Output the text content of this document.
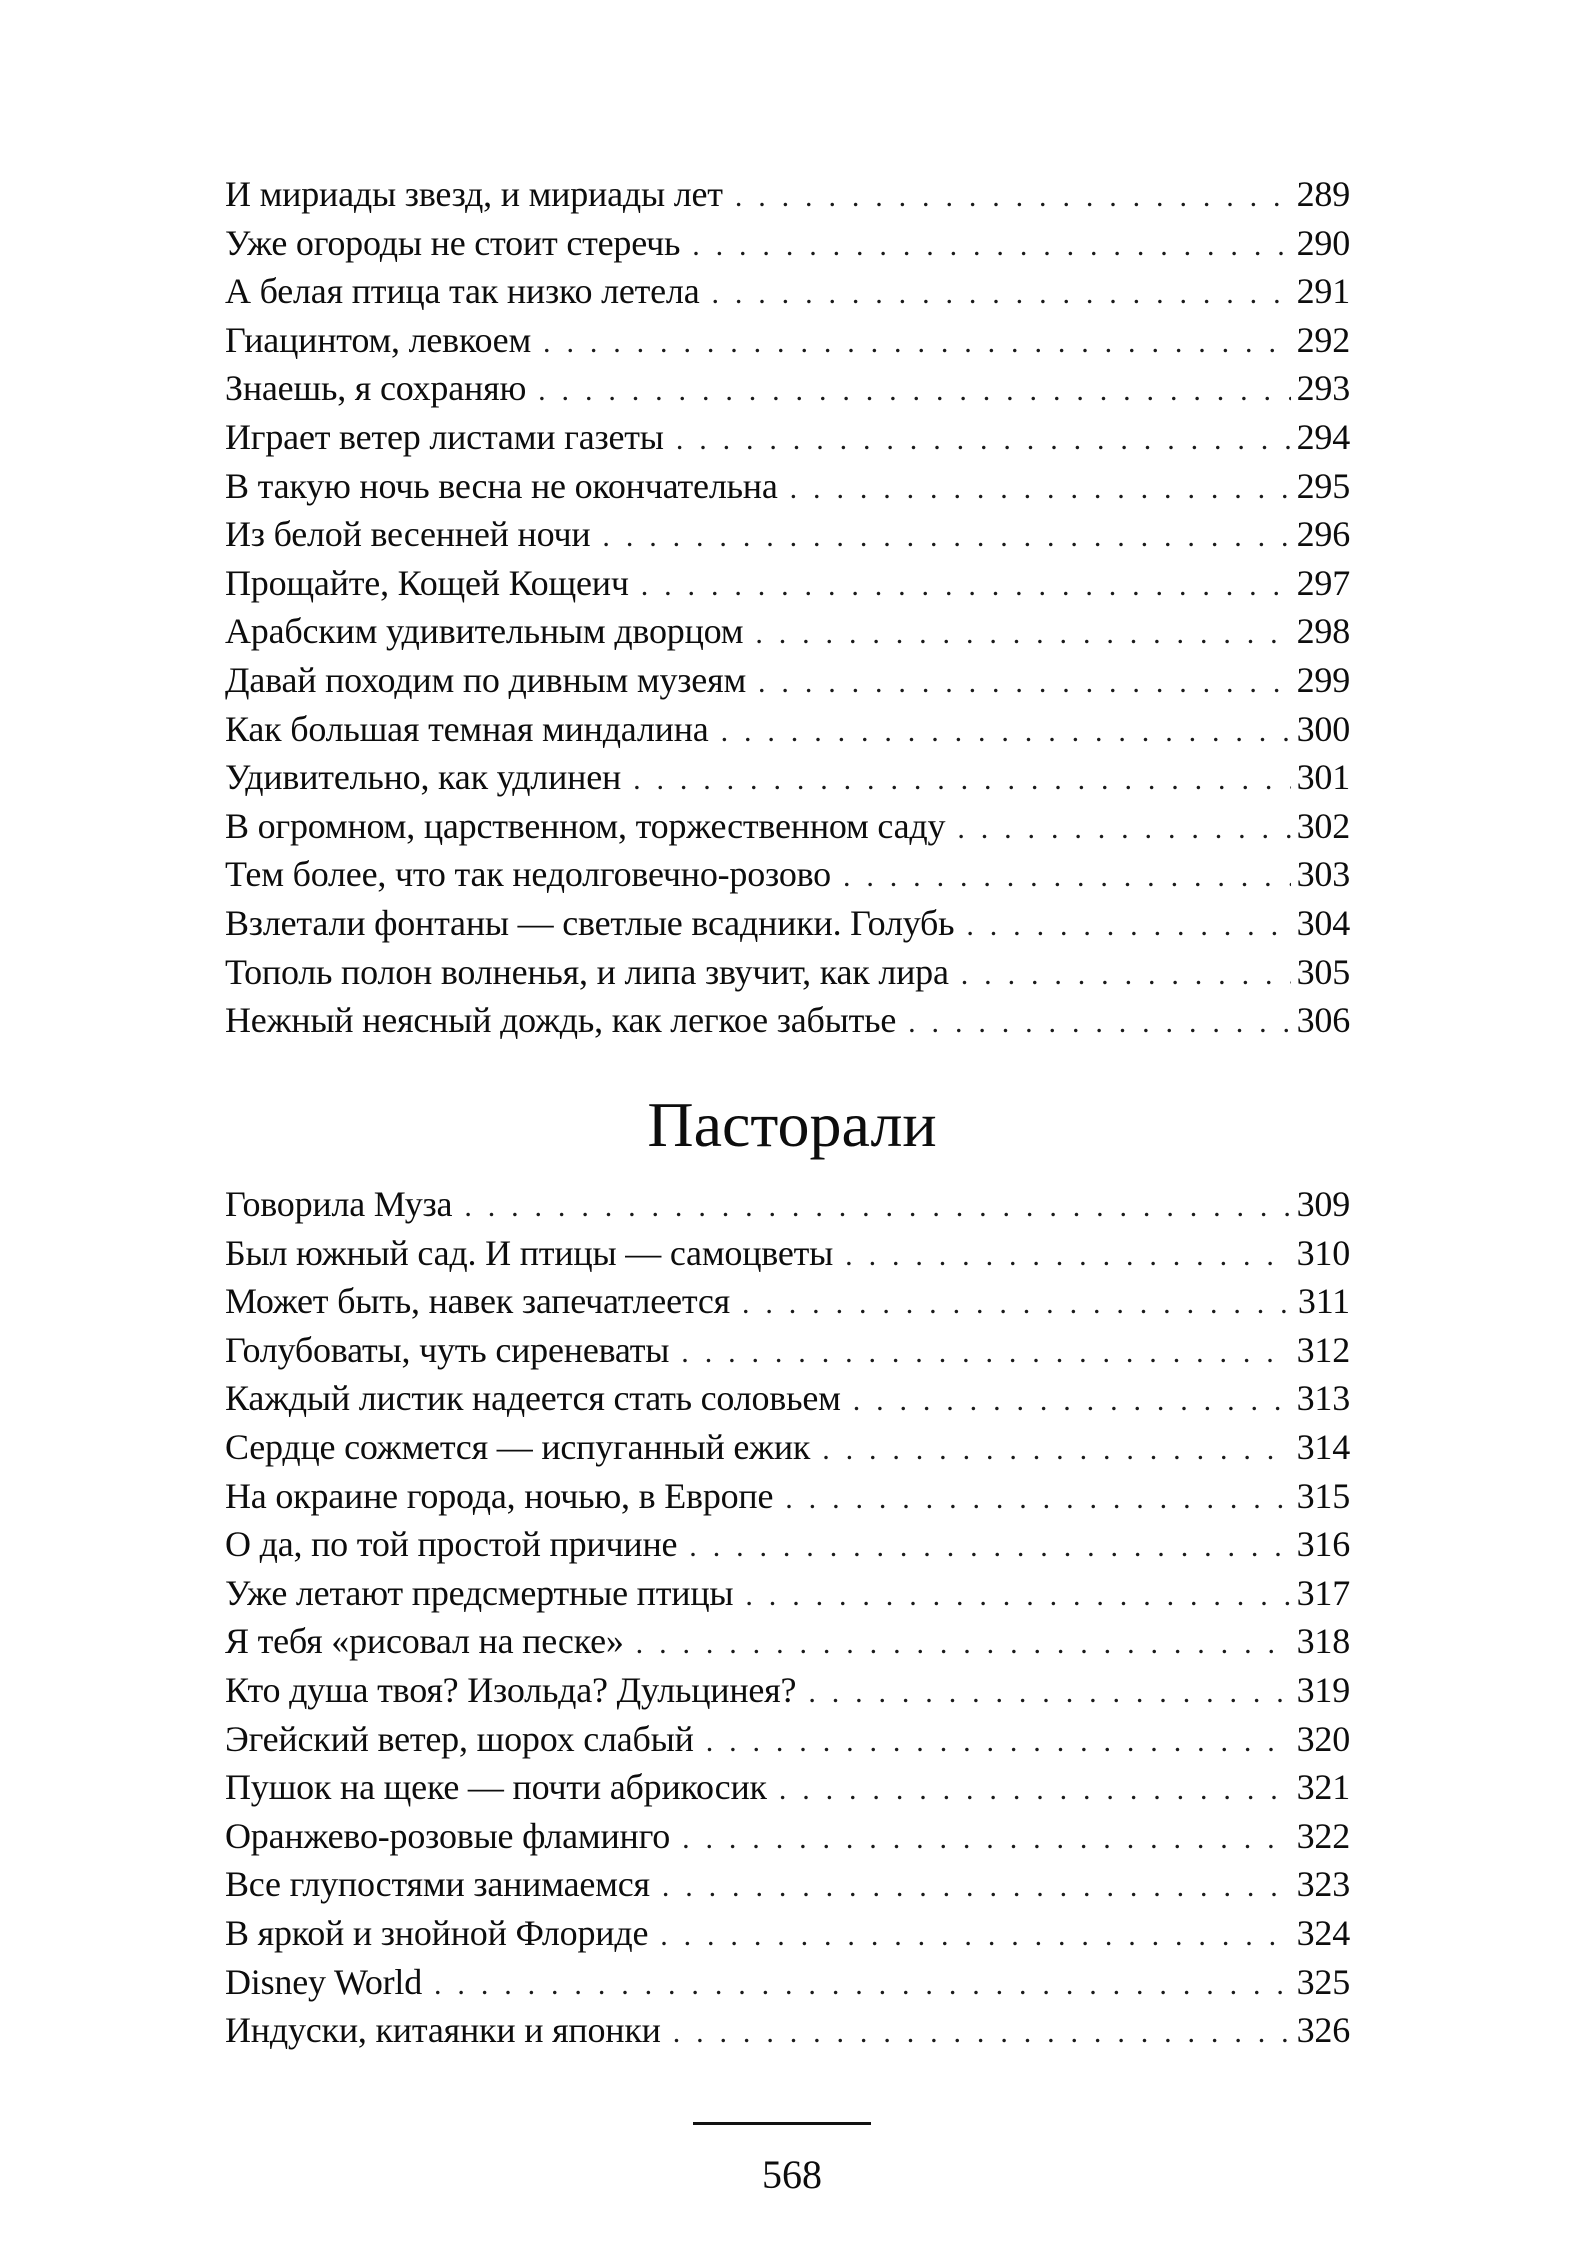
И мириады звезд, и мириады лет . . .	289
Уже огороды не стоит стеречь . . .	290
А белая птица так низко летела . . .	291
Гиацинтом, левкоем . . .	292
Знаешь, я сохраняю . . .	293
Играет ветер листами газеты . . .	294
В такую ночь весна не окончательна . . .	295
Из белой весенней ночи . . .	296
Прощайте, Кощей Кощеич . . .	297
Арабским удивительным дворцом . . .	298
Давай походим по дивным музеям . . .	299
Как большая темная миндалина . . .	300
Удивительно, как удлинен . . .	301
В огромном, царственном, торжественном саду . . .	302
Тем более, что так недолговечно-розово . . .	303
Взлетали фонтаны — светлые всадники. Голубь . . .	304
Тополь полон волненья, и липа звучит, как лира . . .	305
Нежный неясный дождь, как легкое забытье . . .	306
Пасторали
Говорила Муза . . .	309
Был южный сад. И птицы — самоцветы . . .	310
Может быть, навек запечатлеется . . .	311
Голубоваты, чуть сиреневаты . . .	312
Каждый листик надеется стать соловьем . . .	313
Сердце сожмется — испуганный ежик . . .	314
На окраине города, ночью, в Европе . . .	315
О да, по той простой причине . . .	316
Уже летают предсмертные птицы . . .	317
Я тебя «рисовал на песке» . . .	318
Кто душа твоя? Изольда? Дульцинея? . . .	319
Эгейский ветер, шорох слабый . . .	320
Пушок на щеке — почти абрикосик . . .	321
Оранжево-розовые фламинго . . .	322
Все глупостями занимаемся . . .	323
В яркой и знойной Флориде . . .	324
Disney World . . .	325
Индуски, китаянки и японки . . .	326
568
